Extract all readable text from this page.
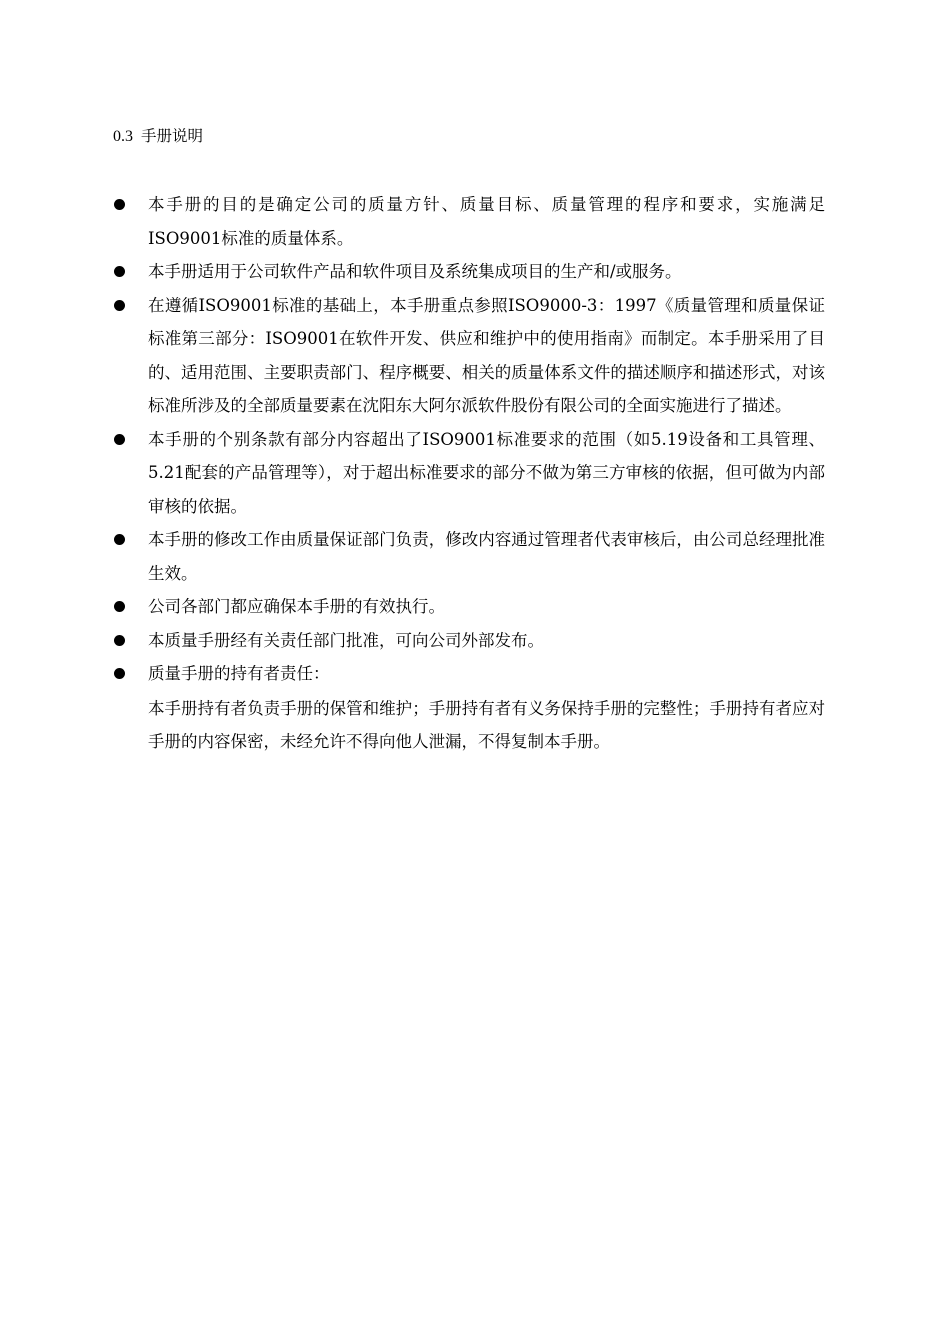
0.3 手册说明
本手册的目的是确定公司的质量方针、质量目标、质量管理的程序和要求，实施满足ISO9001标准的质量体系。
本手册适用于公司软件产品和软件项目及系统集成项目的生产和/或服务。
在遵循ISO9001标准的基础上，本手册重点参照ISO9000-3：1997《质量管理和质量保证标准第三部分：ISO9001在软件开发、供应和维护中的使用指南》而制定。本手册采用了目的、适用范围、主要职责部门、程序概要、相关的质量体系文件的描述顺序和描述形式，对该标准所涉及的全部质量要素在沈阳东大阿尔派软件股份有限公司的全面实施进行了描述。
本手册的个别条款有部分内容超出了ISO9001标准要求的范围（如5.19设备和工具管理、5.21配套的产品管理等），对于超出标准要求的部分不做为第三方审核的依据，但可做为内部审核的依据。
本手册的修改工作由质量保证部门负责，修改内容通过管理者代表审核后，由公司总经理批准生效。
公司各部门都应确保本手册的有效执行。
本质量手册经有关责任部门批准，可向公司外部发布。
质量手册的持有者责任：
本手册持有者负责手册的保管和维护；手册持有者有义务保持手册的完整性；手册持有者应对手册的内容保密，未经允许不得向他人泄漏，不得复制本手册。
